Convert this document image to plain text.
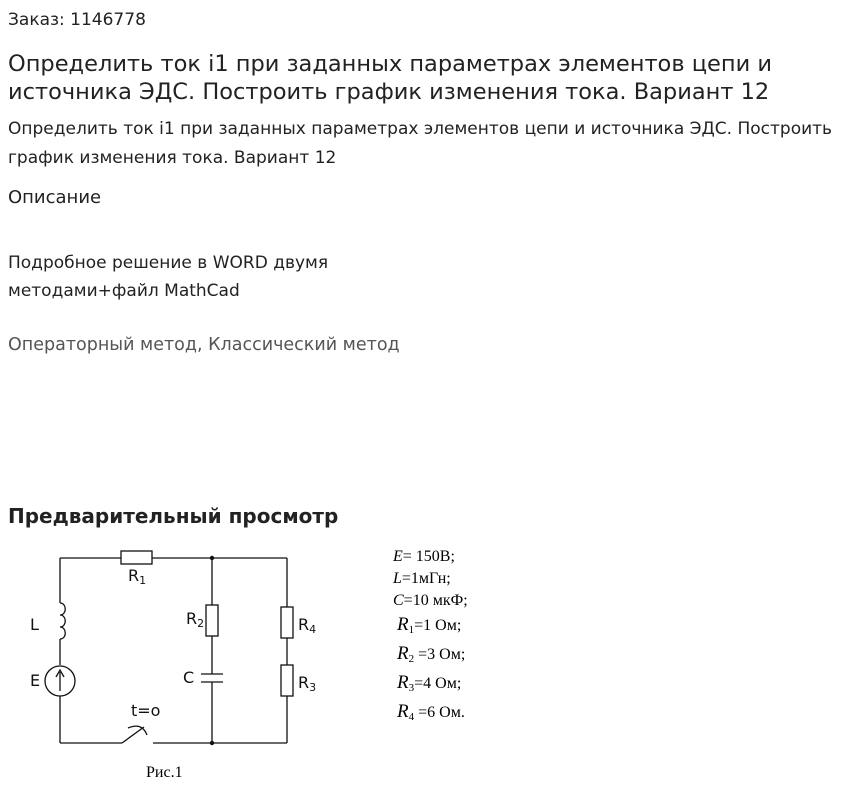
Заказ: 1146778
Определить ток i1 при заданных параметрах элементов цепи и источника ЭДС. Построить график изменения тока. Вариант 12
Определить ток i1 при заданных параметрах элементов цепи и источника ЭДС. Построить график изменения тока. Вариант 12
Описание
Подробное решение в WORD двумя методами+файл MathCad
Операторный метод, Классический метод
Предварительный просмотр
R1
R2	R4
R3
L
E	C
t=o
Рис.1
E= 150В;
L=1мГн;
C=10 мкФ;
R1=1 Ом;
R2 =3 Ом;
R3=4 Ом;
R4 =6 Ом.
